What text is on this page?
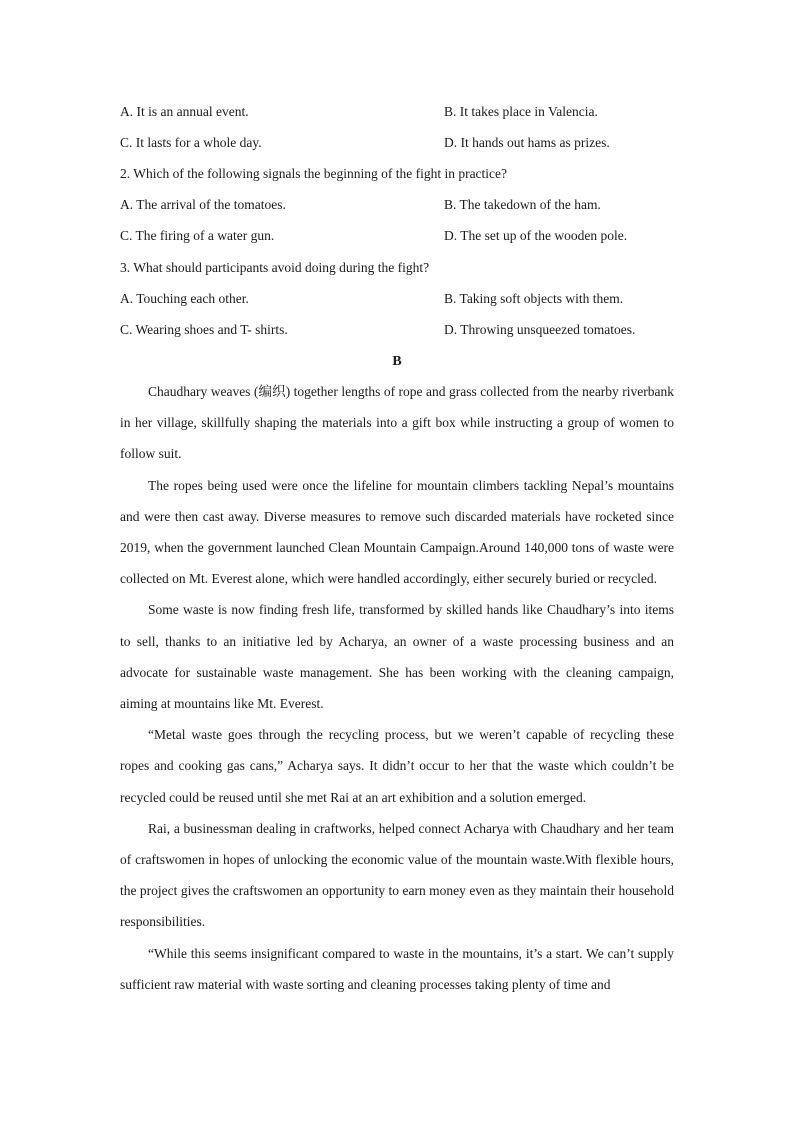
A. It is an annual event.	B. It takes place in Valencia.
C. It lasts for a whole day.	D. It hands out hams as prizes.
2. Which of the following signals the beginning of the fight in practice?
A. The arrival of the tomatoes.	B. The takedown of the ham.
C. The firing of a water gun.	D. The set up of the wooden pole.
3. What should participants avoid doing during the fight?
A. Touching each other.	B. Taking soft objects with them.
C. Wearing shoes and T- shirts.	D. Throwing unsqueezed tomatoes.
B

Chaudhary weaves (编织) together lengths of rope and grass collected from the nearby riverbank in her village, skillfully shaping the materials into a gift box while instructing a group of women to follow suit.

The ropes being used were once the lifeline for mountain climbers tackling Nepal’s mountains and were then cast away. Diverse measures to remove such discarded materials have rocketed since 2019, when the government launched Clean Mountain Campaign.Around 140,000 tons of waste were collected on Mt. Everest alone, which were handled accordingly, either securely buried or recycled.

Some waste is now finding fresh life, transformed by skilled hands like Chaudhary’s into items to sell, thanks to an initiative led by Acharya, an owner of a waste processing business and an advocate for sustainable waste management. She has been working with the cleaning campaign, aiming at mountains like Mt. Everest.

“Metal waste goes through the recycling process, but we weren’t capable of recycling these ropes and cooking gas cans,” Acharya says. It didn’t occur to her that the waste which couldn’t be recycled could be reused until she met Rai at an art exhibition and a solution emerged.

Rai, a businessman dealing in craftworks, helped connect Acharya with Chaudhary and her team of craftswomen in hopes of unlocking the economic value of the mountain waste.With flexible hours, the project gives the craftswomen an opportunity to earn money even as they maintain their household responsibilities.

“While this seems insignificant compared to waste in the mountains, it’s a start. We can’t supply sufficient raw material with waste sorting and cleaning processes taking plenty of time and
